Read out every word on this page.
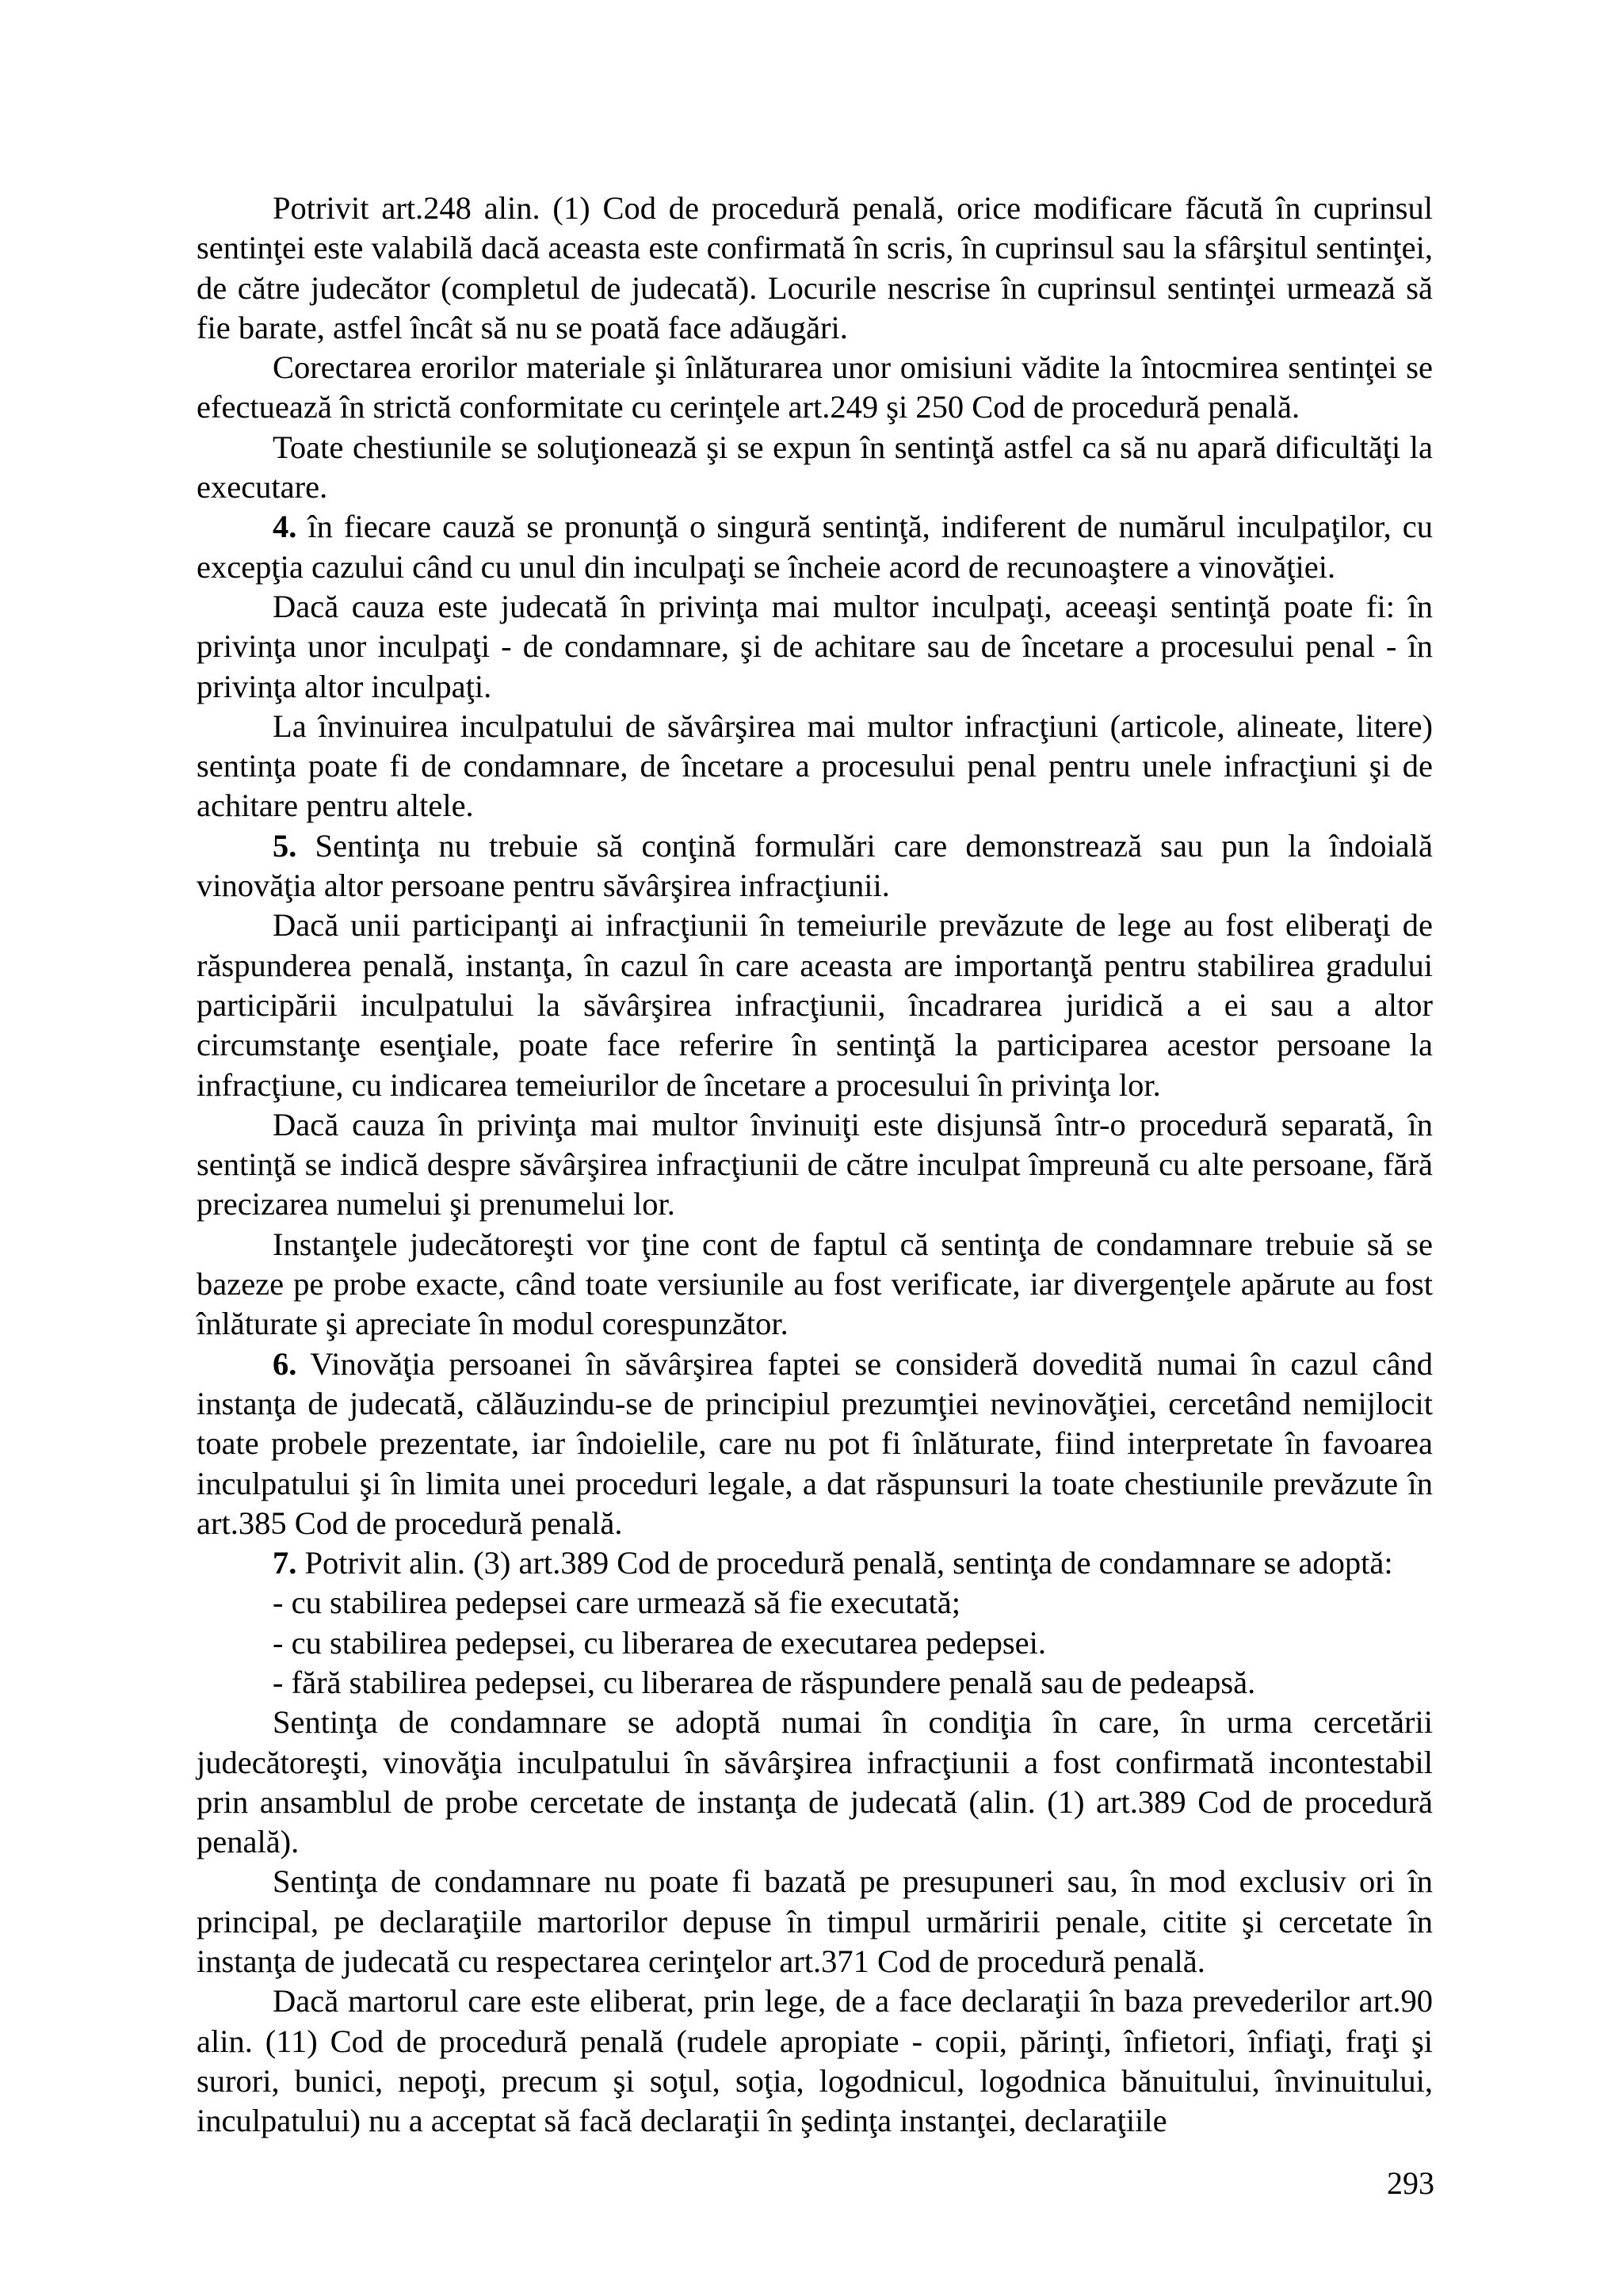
Potrivit art.248 alin. (1) Cod de procedură penală, orice modificare făcută în cuprinsul sentinţei este valabilă dacă aceasta este confirmată în scris, în cuprinsul sau la sfârşitul sentinţei, de către judecător (completul de judecată). Locurile nescrise în cuprinsul sentinţei urmează să fie barate, astfel încât să nu se poată face adăugări.

Corectarea erorilor materiale şi înlăturarea unor omisiuni vădite la întocmirea sentinţei se efectuează în strictă conformitate cu cerinţele art.249 şi 250 Cod de procedură penală.

Toate chestiunile se soluţionează şi se expun în sentinţă astfel ca să nu apară dificultăţi la executare.

4. în fiecare cauză se pronunţă o singură sentinţă, indiferent de numărul inculpaţilor, cu excepţia cazului când cu unul din inculpaţi se încheie acord de recunoaştere a vinovăţiei.

Dacă cauza este judecată în privinţa mai multor inculpaţi, aceeaşi sentinţă poate fi: în privinţa unor inculpaţi - de condamnare, şi de achitare sau de încetare a procesului penal - în privinţa altor inculpaţi.

La învinuirea inculpatului de săvârşirea mai multor infracţiuni (articole, alineate, litere) sentinţa poate fi de condamnare, de încetare a procesului penal pentru unele infracţiuni şi de achitare pentru altele.

5. Sentinţa nu trebuie să conţină formulări care demonstrează sau pun la îndoială vinovăţia altor persoane pentru săvârşirea infracţiunii.

Dacă unii participanţi ai infracţiunii în temeiurile prevăzute de lege au fost eliberaţi de răspunderea penală, instanţa, în cazul în care aceasta are importanţă pentru stabilirea gradului participării inculpatului la săvârşirea infracţiunii, încadrarea juridică a ei sau a altor circumstanţe esenţiale, poate face referire în sentinţă la participarea acestor persoane la infracţiune, cu indicarea temeiurilor de încetare a procesului în privinţa lor.

Dacă cauza în privinţa mai multor învinuiţi este disjunsă într-o procedură separată, în sentinţă se indică despre săvârşirea infracţiunii de către inculpat împreună cu alte persoane, fără precizarea numelui şi prenumelui lor.

Instanţele judecătoreşti vor ţine cont de faptul că sentinţa de condamnare trebuie să se bazeze pe probe exacte, când toate versiunile au fost verificate, iar divergenţele apărute au fost înlăturate şi apreciate în modul corespunzător.

6. Vinovăţia persoanei în săvârşirea faptei se consideră dovedită numai în cazul când instanţa de judecată, călăuzindu-se de principiul prezumţiei nevinovăţiei, cercetând nemijlocit toate probele prezentate, iar îndoielile, care nu pot fi înlăturate, fiind interpretate în favoarea inculpatului şi în limita unei proceduri legale, a dat răspunsuri la toate chestiunile prevăzute în art.385 Cod de procedură penală.

7. Potrivit alin. (3) art.389 Cod de procedură penală, sentinţa de condamnare se adoptă:

- cu stabilirea pedepsei care urmează să fie executată;

- cu stabilirea pedepsei, cu liberarea de executarea pedepsei.

- fără stabilirea pedepsei, cu liberarea de răspundere penală sau de pedeapsă.

Sentinţa de condamnare se adoptă numai în condiţia în care, în urma cercetării judecătoreşti, vinovăţia inculpatului în săvârşirea infracţiunii a fost confirmată incontestabil prin ansamblul de probe cercetate de instanţa de judecată (alin. (1) art.389 Cod de procedură penală).

Sentinţa de condamnare nu poate fi bazată pe presupuneri sau, în mod exclusiv ori în principal, pe declaraţiile martorilor depuse în timpul urmăririi penale, citite şi cercetate în instanţa de judecată cu respectarea cerinţelor art.371 Cod de procedură penală.

Dacă martorul care este eliberat, prin lege, de a face declaraţii în baza prevederilor art.90 alin. (11) Cod de procedură penală (rudele apropiate - copii, părinţi, înfietori, înfiaţi, fraţi şi surori, bunici, nepoţi, precum şi soţul, soţia, logodnicul, logodnica bănuitului, învinuitului, inculpatului) nu a acceptat să facă declaraţii în şedinţa instanţei, declaraţiile

293
